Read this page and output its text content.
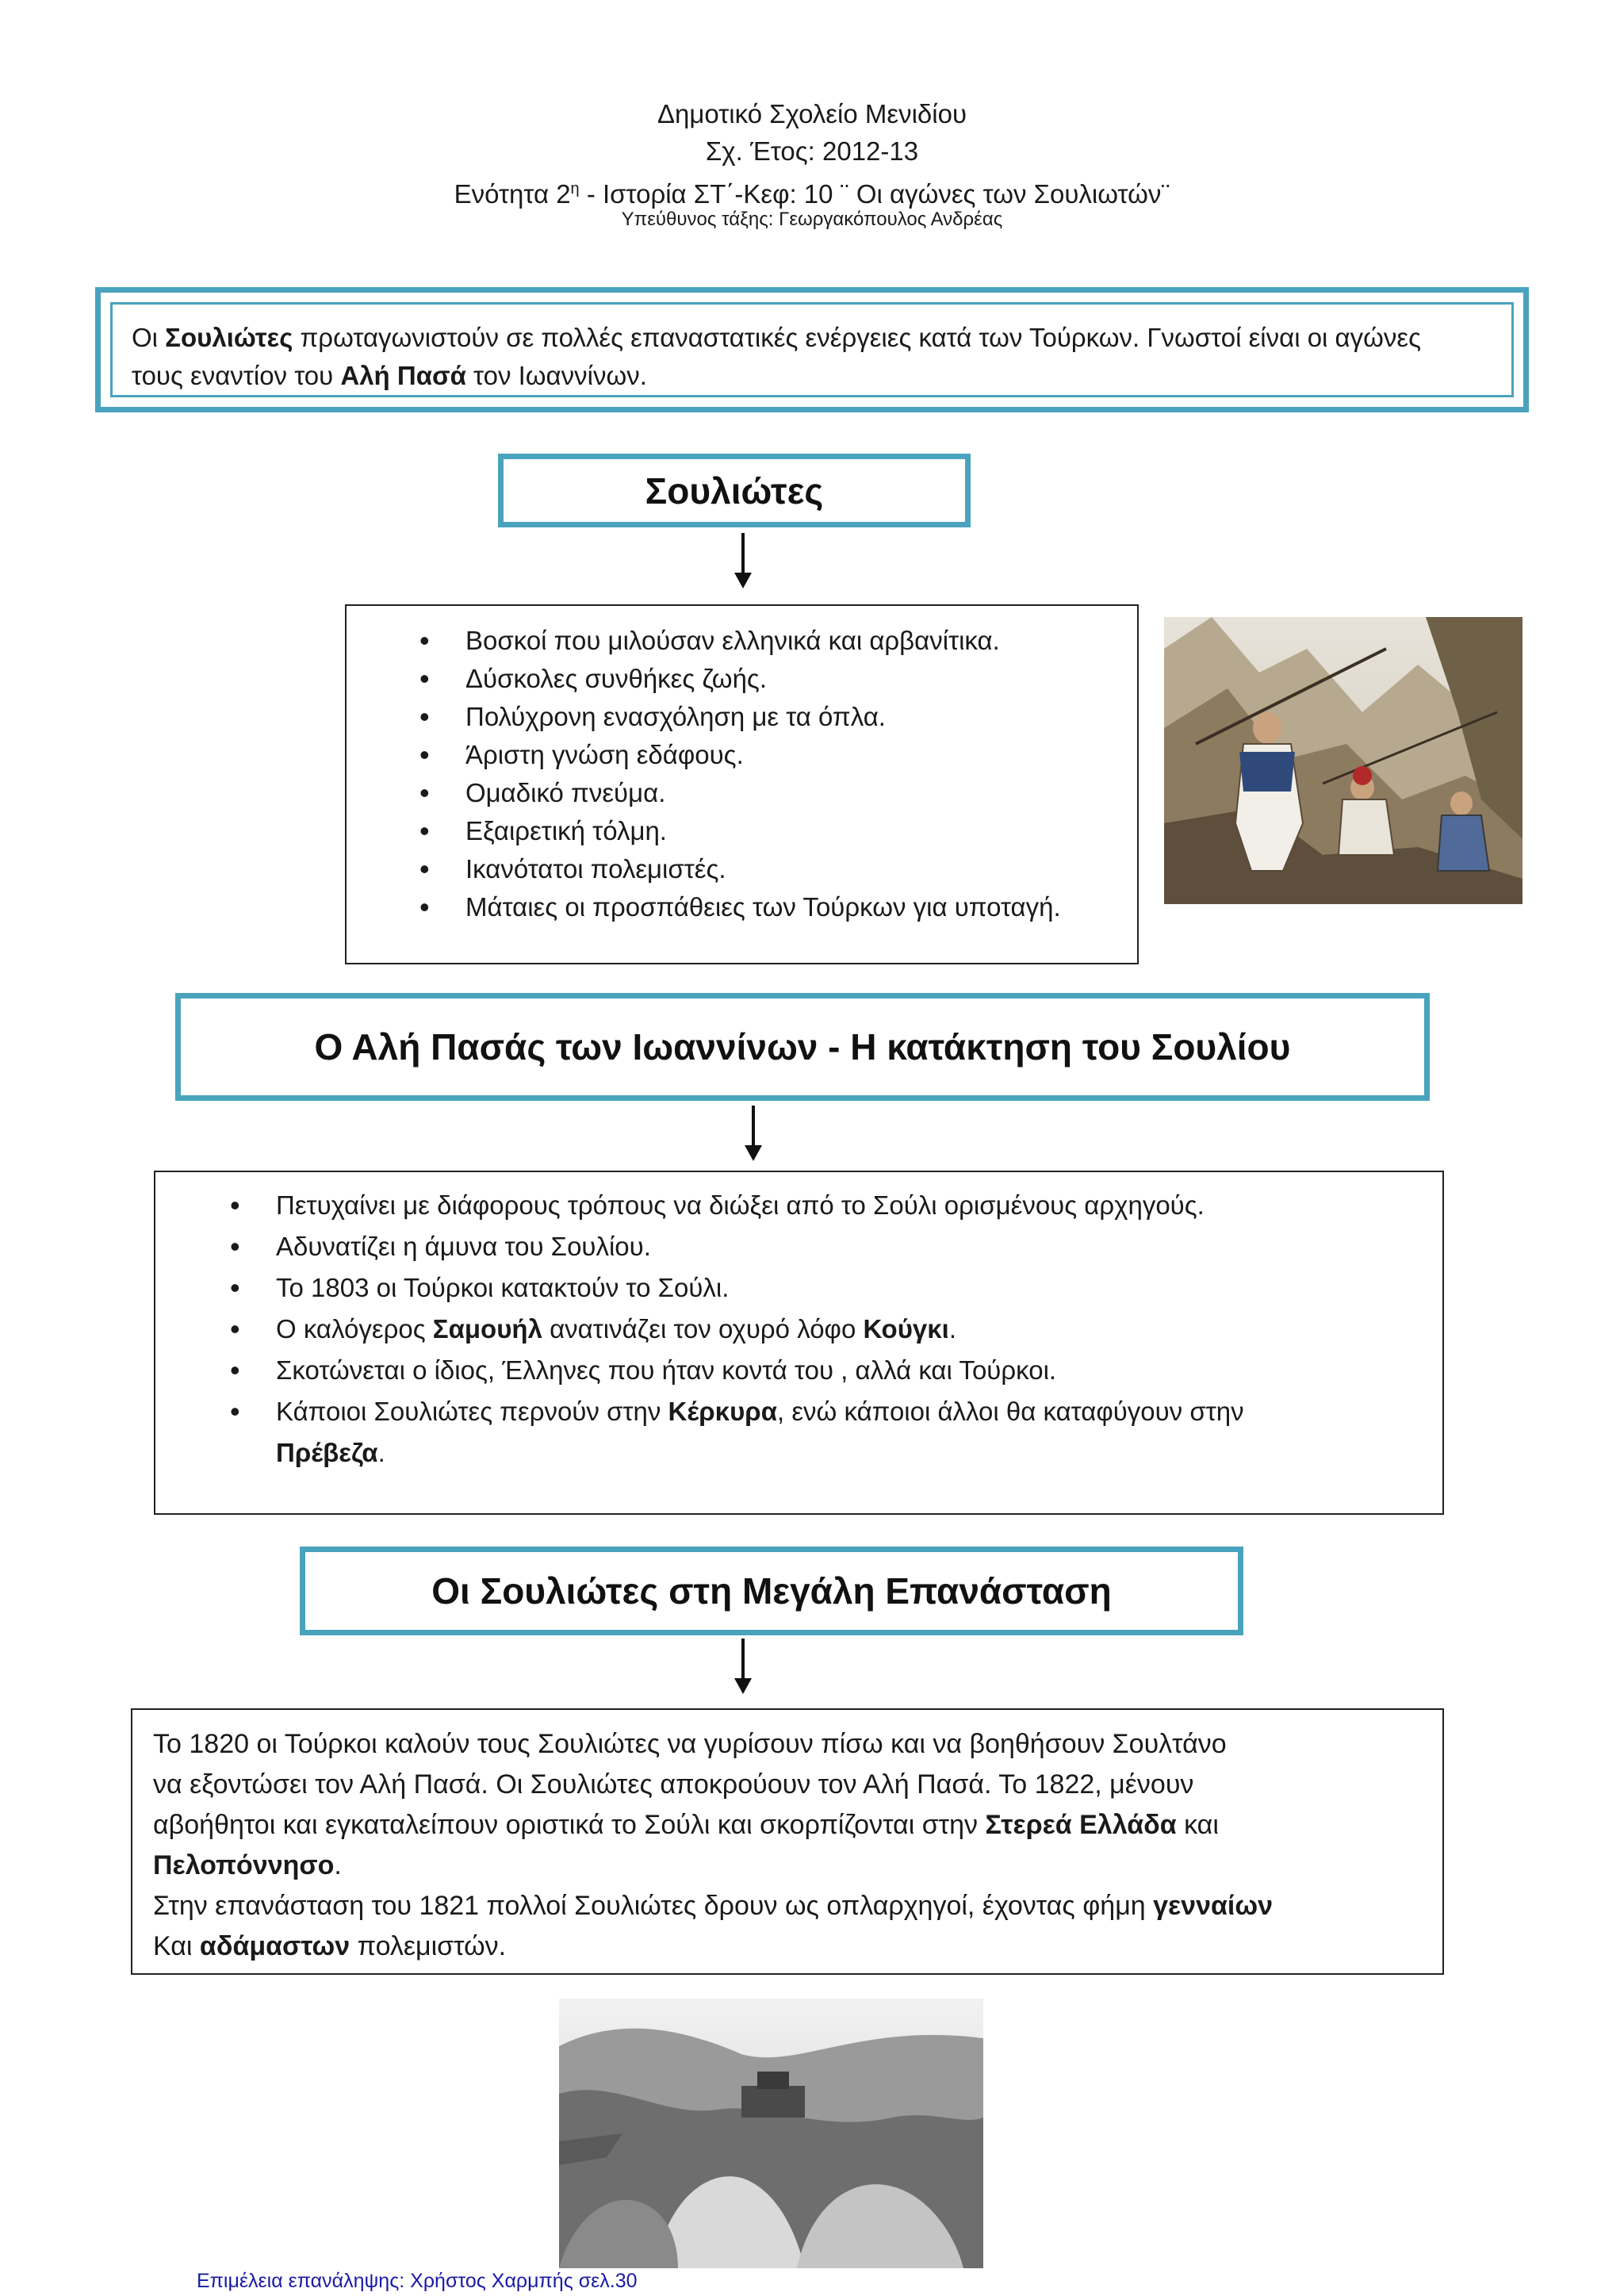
Δημοτικό Σχολείο Μενιδίου
Σχ. Έτος: 2012-13
Ενότητα $2^\eta$ - Ιστορία ΣΤ΄-Κεφ: 10 ¨ Οι αγώνες των Σουλιωτών¨
Υπεύθυνος τάξης: Γεωργακόπουλος Ανδρέας
Οι Σουλιώτες πρωταγωνιστούν σε πολλές επαναστατικές ενέργειες κατά των Τούρκων. Γνωστοί είναι οι αγώνες
τους εναντίον του Αλή Πασά τον Ιωαννίνων.
Σουλιώτες
• Βοσκοί που μιλούσαν ελληνικά και αρβανίτικα.
• Δύσκολες συνθήκες ζωής.
• Πολύχρονη ενασχόληση με τα όπλα.
• Άριστη γνώση εδάφους.
• Ομαδικό πνεύμα.
• Εξαιρετική τόλμη.
• Ικανότατοι πολεμιστές.
• Μάταιες οι προσπάθειες των Τούρκων για υποταγή.
Ο Αλή Πασάς των Ιωαννίνων - Η κατάκτηση του Σουλίου
• Πετυχαίνει με διάφορους τρόπους να διώξει από το Σούλι ορισμένους αρχηγούς.
• Αδυνατίζει η άμυνα του Σουλίου.
• Το 1803 οι Τούρκοι κατακτούν το Σούλι.
• Ο καλόγερος Σαμουήλ ανατινάζει τον οχυρό λόφο Κούγκι.
• Σκοτώνεται ο ίδιος, Έλληνες που ήταν κοντά του , αλλά και Τούρκοι.
• Κάποιοι Σουλιώτες περνούν στην Κέρκυρα, ενώ κάποιοι άλλοι θα καταφύγουν στην
Πρέβεζα.
Οι Σουλιώτες στη Μεγάλη Επανάσταση
Το 1820 οι Τούρκοι καλούν τους Σουλιώτες να γυρίσουν πίσω και να βοηθήσουν Σουλτάνο
να εξοντώσει τον Αλή Πασά. Οι Σουλιώτες αποκρούουν τον Αλή Πασά. Το 1822, μένουν
αβοήθητοι και εγκαταλείπουν οριστικά το Σούλι και σκορπίζονται στην Στερεά Ελλάδα και
Πελοπόννησο.
Στην επανάσταση του 1821 πολλοί Σουλιώτες δρουν ως οπλαρχηγοί, έχοντας φήμη γενναίων
Και αδάμαστων πολεμιστών.
Επιμέλεια επανάληψης: Χρήστος Χαρμπής σελ.30
